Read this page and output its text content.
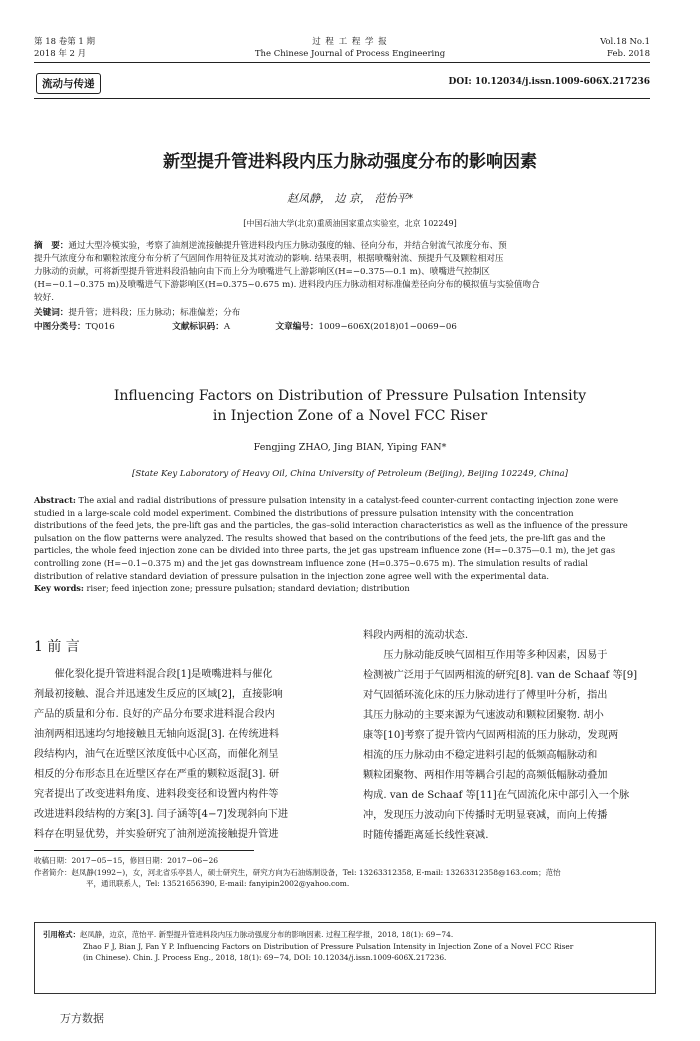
第 18 卷第 1 期
2018 年 2 月
过 程 工 程 学 报
The Chinese Journal of Process Engineering
Vol.18 No.1
Feb. 2018
流动与传递	DOI: 10.12034/j.issn.1009-606X.217236
新型提升管进料段内压力脉动强度分布的影响因素
赵凤静， 边 京， 范怡平*
[中国石油大学(北京)重质油国家重点实验室，北京 102249]
摘　要：通过大型冷模实验，考察了油剂逆流接触提升管进料段内压力脉动强度的轴、径向分布，并结合射流气浓度分布、预
提升气浓度分布和颗粒浓度分布分析了气固间作用特征及其对流动的影响. 结果表明，根据喷嘴射流、预提升气及颗粒相对压
力脉动的贡献，可将新型提升管进料段沿轴向由下而上分为喷嘴进气上游影响区(H=−0.375—0.1 m)、喷嘴进气控制区
(H=−0.1~0.375 m)及喷嘴进气下游影响区(H=0.375~0.675 m). 进料段内压力脉动相对标准偏差径向分布的模拟值与实验值吻合
较好.
关键词：提升管；进料段；压力脉动；标准偏差；分布
中图分类号：TQ016	文献标识码：A	文章编号：1009−606X(2018)01−0069−06
Influencing Factors on Distribution of Pressure Pulsation Intensity
in Injection Zone of a Novel FCC Riser
Fengjing ZHAO, Jing BIAN, Yiping FAN*
[State Key Laboratory of Heavy Oil, China University of Petroleum (Beijing), Beijing 102249, China]
Abstract: The axial and radial distributions of pressure pulsation intensity in a catalyst-feed counter-current contacting injection zone were
studied in a large-scale cold model experiment. Combined the distributions of pressure pulsation intensity with the concentration
distributions of the feed jets, the pre-lift gas and the particles, the gas–solid interaction characteristics as well as the influence of the pressure
pulsation on the flow patterns were analyzed. The results showed that based on the contributions of the feed jets, the pre-lift gas and the
particles, the whole feed injection zone can be divided into three parts, the jet gas upstream influence zone (H=−0.375—0.1 m), the jet gas
controlling zone (H=−0.1~0.375 m) and the jet gas downstream influence zone (H=0.375~0.675 m). The simulation results of radial
distribution of relative standard deviation of pressure pulsation in the injection zone agree well with the experimental data.
Key words: riser; feed injection zone; pressure pulsation; standard deviation; distribution
1 前 言
　　催化裂化提升管进料混合段[1]是喷嘴进料与催化
剂最初接触、混合并迅速发生反应的区域[2]，直接影响
产品的质量和分布. 良好的产品分布要求进料混合段内
油剂两相迅速均匀地接触且无轴向返混[3]. 在传统进料
段结构内，油气在近壁区浓度低中心区高，而催化剂呈
相反的分布形态且在近壁区存在严重的颗粒返混[3]. 研
究者提出了改变进料角度、进料段变径和设置内构件等
改进进料段结构的方案[3]. 闫子涵等[4−7]发现斜向下进
料存在明显优势，并实验研究了油剂逆流接触提升管进
料段内两相的流动状态.
　　压力脉动能反映气固相互作用等多种因素，因易于
检测被广泛用于气固两相流的研究[8]. van de Schaaf 等[9]
对气固循环流化床的压力脉动进行了傅里叶分析，指出
其压力脉动的主要来源为气速波动和颗粒团聚物. 胡小
康等[10]考察了提升管内气固两相流的压力脉动，发现两
相流的压力脉动由不稳定进料引起的低频高幅脉动和
颗粒团聚物、两相作用等耦合引起的高频低幅脉动叠加
构成. van de Schaaf 等[11]在气固流化床中部引入一个脉
冲，发现压力波动向下传播时无明显衰减，而向上传播
时随传播距离延长线性衰减.
收稿日期：2017−05−15，修回日期：2017−06−26
作者简介：赵凤静(1992−)，女，河北省乐亭县人，硕士研究生，研究方向为石油炼制设备，Tel: 13263312358, E-mail: 13263312358@163.com；范怡
平，通讯联系人，Tel: 13521656390, E-mail: fanyipin2002@yahoo.com.
引用格式：赵凤静，边京，范怡平. 新型提升管进料段内压力脉动强度分布的影响因素. 过程工程学报，2018, 18(1): 69−74.
Zhao F J, Bian J, Fan Y P. Influencing Factors on Distribution of Pressure Pulsation Intensity in Injection Zone of a Novel FCC Riser
(in Chinese). Chin. J. Process Eng., 2018, 18(1): 69−74, DOI: 10.12034/j.issn.1009-606X.217236.
万方数据
